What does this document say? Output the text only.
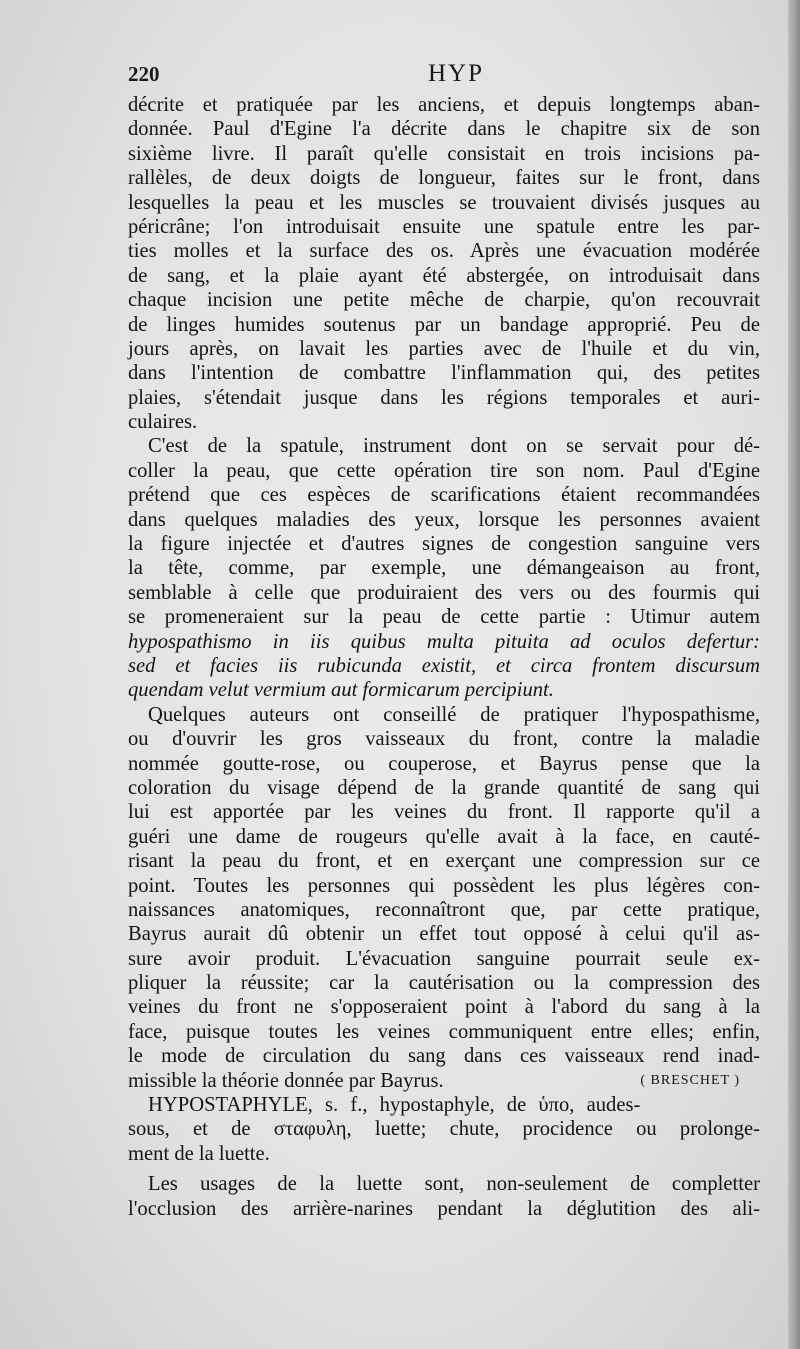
220	HYP
décrite et pratiquée par les anciens, et depuis longtemps aban-
donnée. Paul d'Egine l'a décrite dans le chapitre six de son
sixième livre. Il paraît qu'elle consistait en trois incisions pa-
rallèles, de deux doigts de longueur, faites sur le front, dans
lesquelles la peau et les muscles se trouvaient divisés jusques au
péricrâne; l'on introduisait ensuite une spatule entre les par-
ties molles et la surface des os. Après une évacuation modérée
de sang, et la plaie ayant été abstergée, on introduisait dans
chaque incision une petite mêche de charpie, qu'on recouvrait
de linges humides soutenus par un bandage approprié. Peu de
jours après, on lavait les parties avec de l'huile et du vin,
dans l'intention de combattre l'inflammation qui, des petites
plaies, s'étendait jusque dans les régions temporales et auri-
culaires.
C'est de la spatule, instrument dont on se servait pour dé-
coller la peau, que cette opération tire son nom. Paul d'Egine
prétend que ces espèces de scarifications étaient recommandées
dans quelques maladies des yeux, lorsque les personnes avaient
la figure injectée et d'autres signes de congestion sanguine vers
la tête, comme, par exemple, une démangeaison au front,
semblable à celle que produiraient des vers ou des fourmis qui
se promeneraient sur la peau de cette partie : Utimur autem
hypospathismo in iis quibus multa pituita ad oculos defertur:
sed et facies iis rubicunda existit, et circa frontem discursum
quendam velut vermium aut formicarum percipiunt.
Quelques auteurs ont conseillé de pratiquer l'hypospathisme,
ou d'ouvrir les gros vaisseaux du front, contre la maladie
nommée goutte-rose, ou couperose, et Bayrus pense que la
coloration du visage dépend de la grande quantité de sang qui
lui est apportée par les veines du front. Il rapporte qu'il a
guéri une dame de rougeurs qu'elle avait à la face, en cauté-
risant la peau du front, et en exerçant une compression sur ce
point. Toutes les personnes qui possèdent les plus légères con-
naissances anatomiques, reconnaîtront que, par cette pratique,
Bayrus aurait dû obtenir un effet tout opposé à celui qu'il as-
sure avoir produit. L'évacuation sanguine pourrait seule ex-
pliquer la réussite; car la cautérisation ou la compression des
veines du front ne s'opposeraient point à l'abord du sang à la
face, puisque toutes les veines communiquent entre elles; enfin,
le mode de circulation du sang dans ces vaisseaux rend inad-
missible la théorie donnée par Bayrus.	( BRESCHET )
HYPOSTAPHYLE, s. f., hypostaphyle, de ὑπο, audes-
sous, et de σταφυλη, luette; chute, procidence ou prolonge-
ment de la luette.
Les usages de la luette sont, non-seulement de completter
l'occlusion des arrière-narines pendant la déglutition des ali-
